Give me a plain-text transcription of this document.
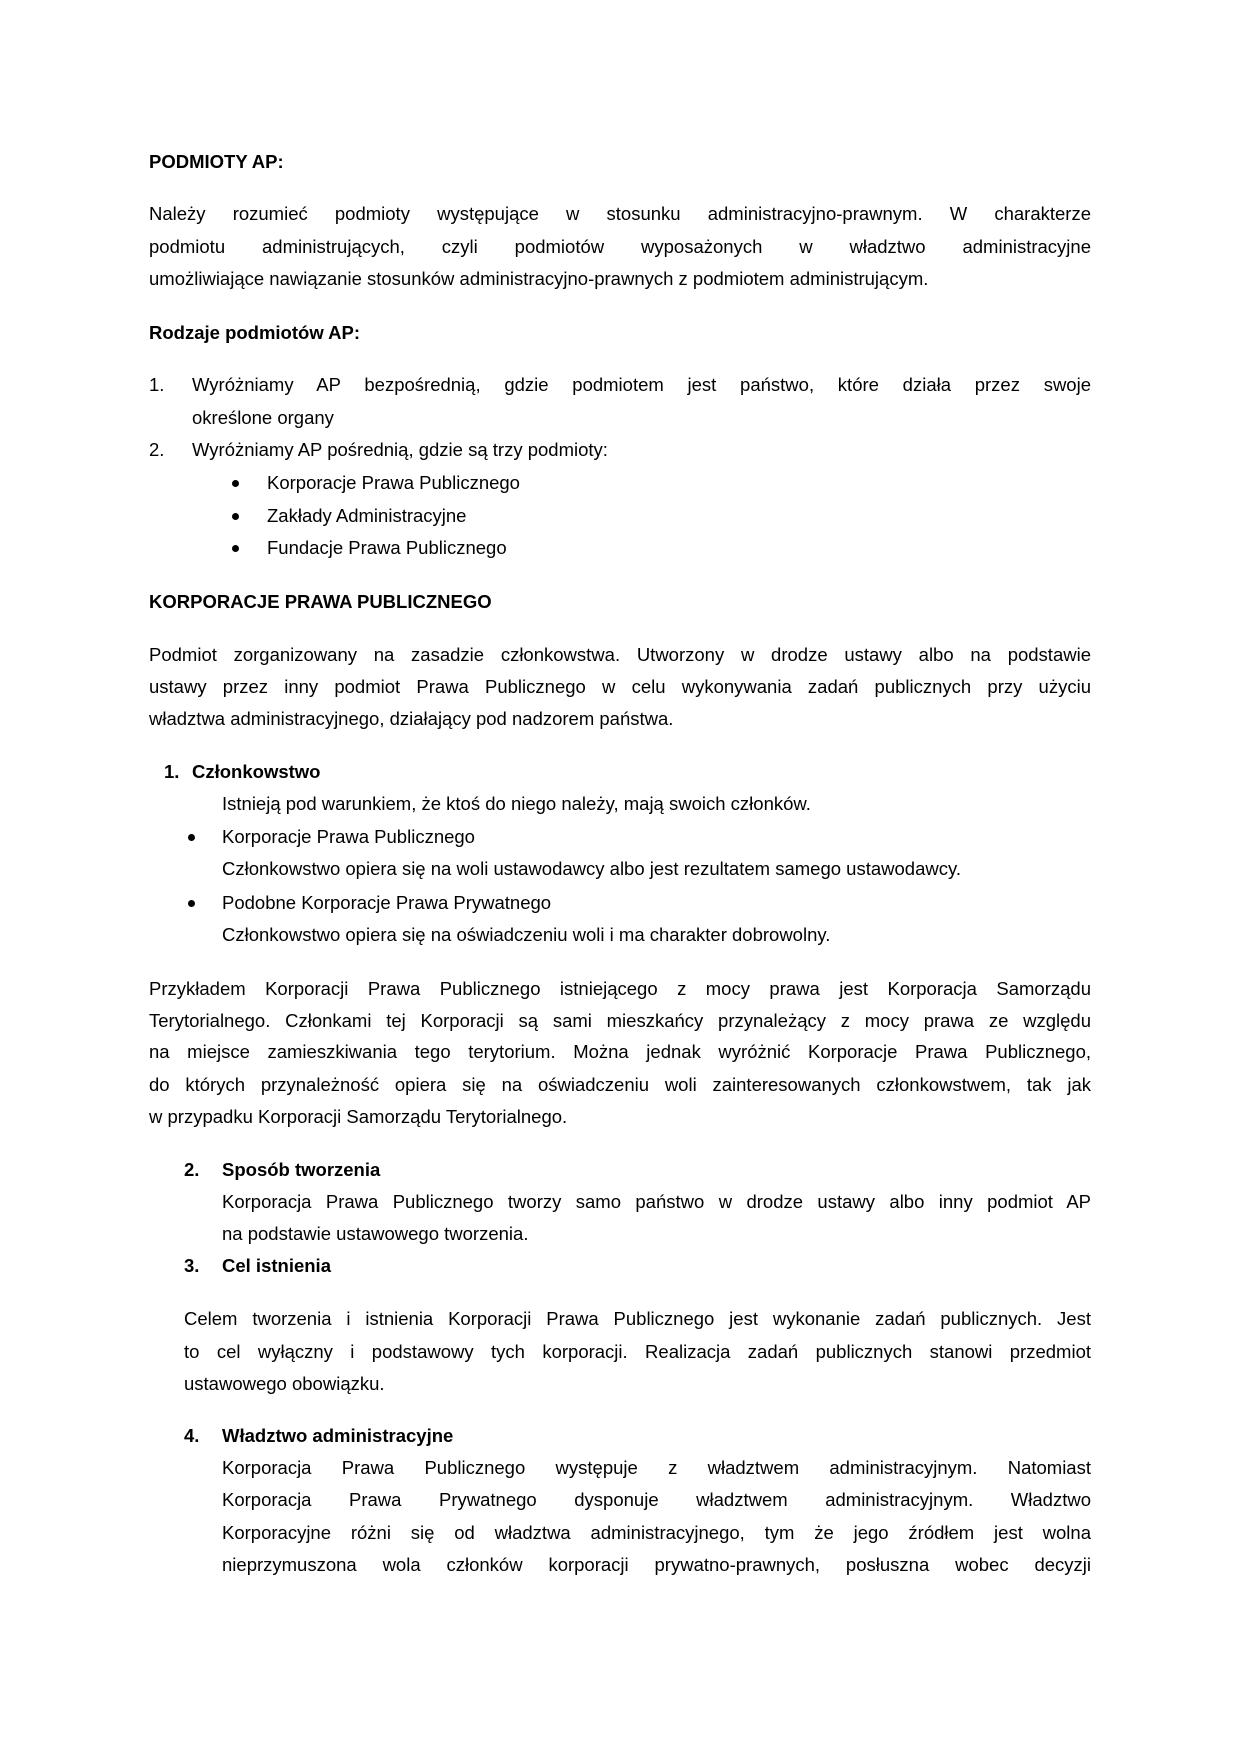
PODMIOTY AP:
Należy rozumieć podmioty występujące w stosunku administracyjno-prawnym. W charakterze
podmiotu administrujących, czyli podmiotów wyposażonych w władztwo administracyjne
umożliwiające nawiązanie stosunków administracyjno-prawnych z podmiotem administrującym.
Rodzaje podmiotów AP:
1. Wyróżniamy AP bezpośrednią, gdzie podmiotem jest państwo, które działa przez swoje
określone organy
2. Wyróżniamy AP pośrednią, gdzie są trzy podmioty:
Korporacje Prawa Publicznego
Zakłady Administracyjne
Fundacje Prawa Publicznego
KORPORACJE PRAWA PUBLICZNEGO
Podmiot zorganizowany na zasadzie członkowstwa. Utworzony w drodze ustawy albo na podstawie
ustawy przez inny podmiot Prawa Publicznego w celu wykonywania zadań publicznych przy użyciu
władztwa administracyjnego, działający pod nadzorem państwa.
1. Członkowstwo
Istnieją pod warunkiem, że ktoś do niego należy, mają swoich członków.
Korporacje Prawa Publicznego
Członkowstwo opiera się na woli ustawodawcy albo jest rezultatem samego ustawodawcy.
Podobne Korporacje Prawa Prywatnego
Członkowstwo opiera się na oświadczeniu woli i ma charakter dobrowolny.
Przykładem Korporacji Prawa Publicznego istniejącego z mocy prawa jest Korporacja Samorządu
Terytorialnego. Członkami tej Korporacji są sami mieszkańcy przynależący z mocy prawa ze względu
na miejsce zamieszkiwania tego terytorium. Można jednak wyróżnić Korporacje Prawa Publicznego,
do których przynależność opiera się na oświadczeniu woli zainteresowanych członkowstwem, tak jak
w przypadku Korporacji Samorządu Terytorialnego.
2. Sposób tworzenia
Korporacja Prawa Publicznego tworzy samo państwo w drodze ustawy albo inny podmiot AP
na podstawie ustawowego tworzenia.
3. Cel istnienia
Celem tworzenia i istnienia Korporacji Prawa Publicznego jest wykonanie zadań publicznych. Jest
to cel wyłączny i podstawowy tych korporacji. Realizacja zadań publicznych stanowi przedmiot
ustawowego obowiązku.
4. Władztwo administracyjne
Korporacja Prawa Publicznego występuje z władztwem administracyjnym. Natomiast
Korporacja Prawa Prywatnego dysponuje władztwem administracyjnym. Władztwo
Korporacyjne różni się od władztwa administracyjnego, tym że jego źródłem jest wolna
nieprzymuszona wola członków korporacji prywatno-prawnych, posłuszna wobec decyzji
